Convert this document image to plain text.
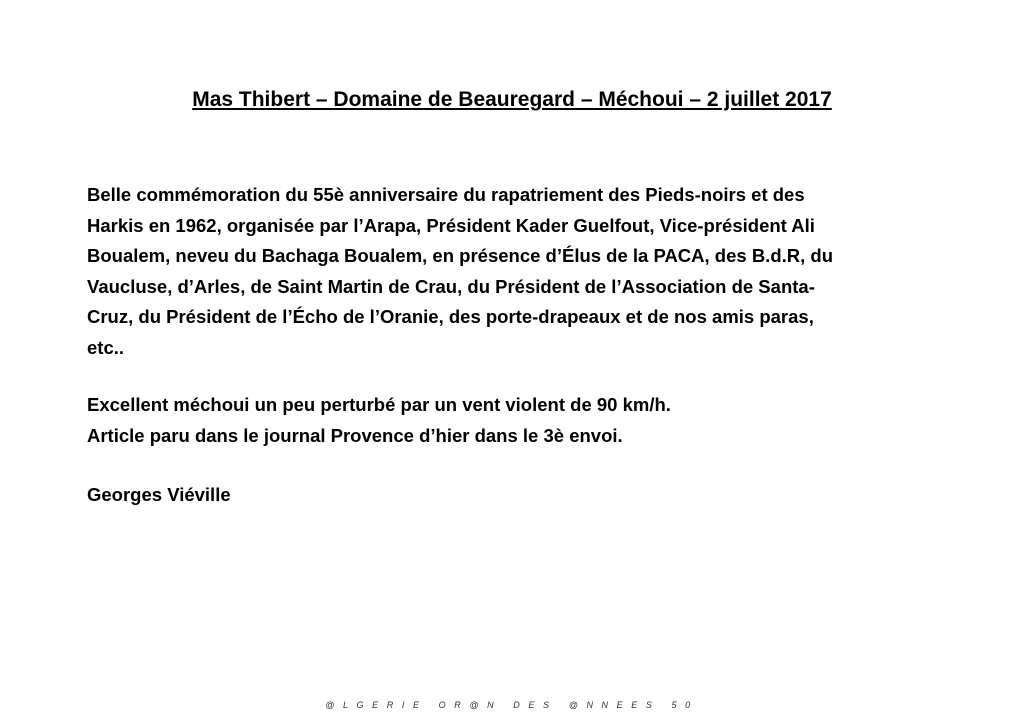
Mas Thibert – Domaine de Beauregard – Méchoui – 2 juillet 2017
Belle commémoration du 55è anniversaire du rapatriement des Pieds-noirs et des
Harkis en 1962, organisée par l’Arapa, Président Kader Guelfout, Vice-président Ali
Boualem, neveu du Bachaga Boualem, en présence d’Élus de la PACA, des B.d.R, du
Vaucluse, d’Arles, de Saint Martin de Crau, du Président de l’Association de Santa-
Cruz, du Président de l’Écho de l’Oranie, des porte-drapeaux et de nos amis paras,
etc..
Excellent méchoui un peu perturbé par un vent violent de 90 km/h.
Article paru dans le journal Provence d’hier dans le 3è envoi.
Georges Viéville
@LGERIE OR@N DES @NNEES 50
